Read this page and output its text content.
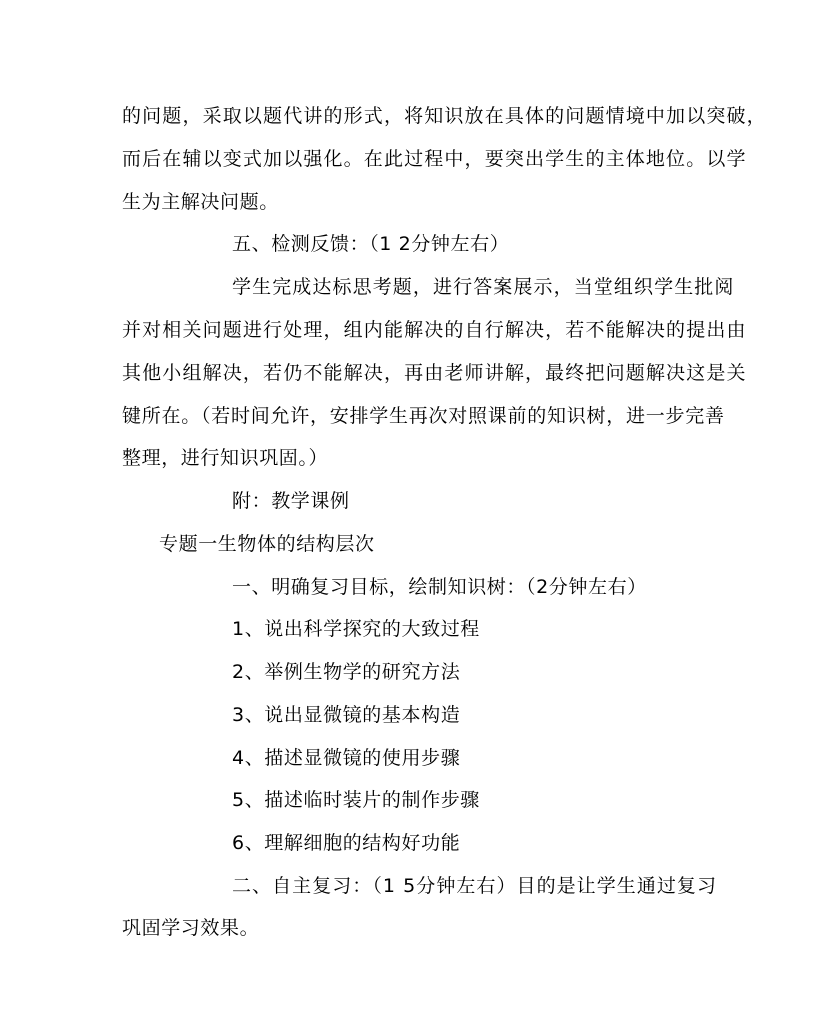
的问题，采取以题代讲的形式，将知识放在具体的问题情境中加以突破，
而后在辅以变式加以强化。在此过程中，要突出学生的主体地位。以学
生为主解决问题。
五、检测反馈：（1 2分钟左右）
学生完成达标思考题，进行答案展示，当堂组织学生批阅
并对相关问题进行处理，组内能解决的自行解决，若不能解决的提出由
其他小组解决，若仍不能解决，再由老师讲解，最终把问题解决这是关
键所在。（若时间允许，安排学生再次对照课前的知识树，进一步完善
整理，进行知识巩固。）
附：教学课例
专题一生物体的结构层次
一、明确复习目标，绘制知识树：（2分钟左右）
1、说出科学探究的大致过程
2、举例生物学的研究方法
3、说出显微镜的基本构造
4、描述显微镜的使用步骤
5、描述临时装片的制作步骤
6、理解细胞的结构好功能
二、自主复习：（1 5分钟左右）目的是让学生通过复习
巩固学习效果。
